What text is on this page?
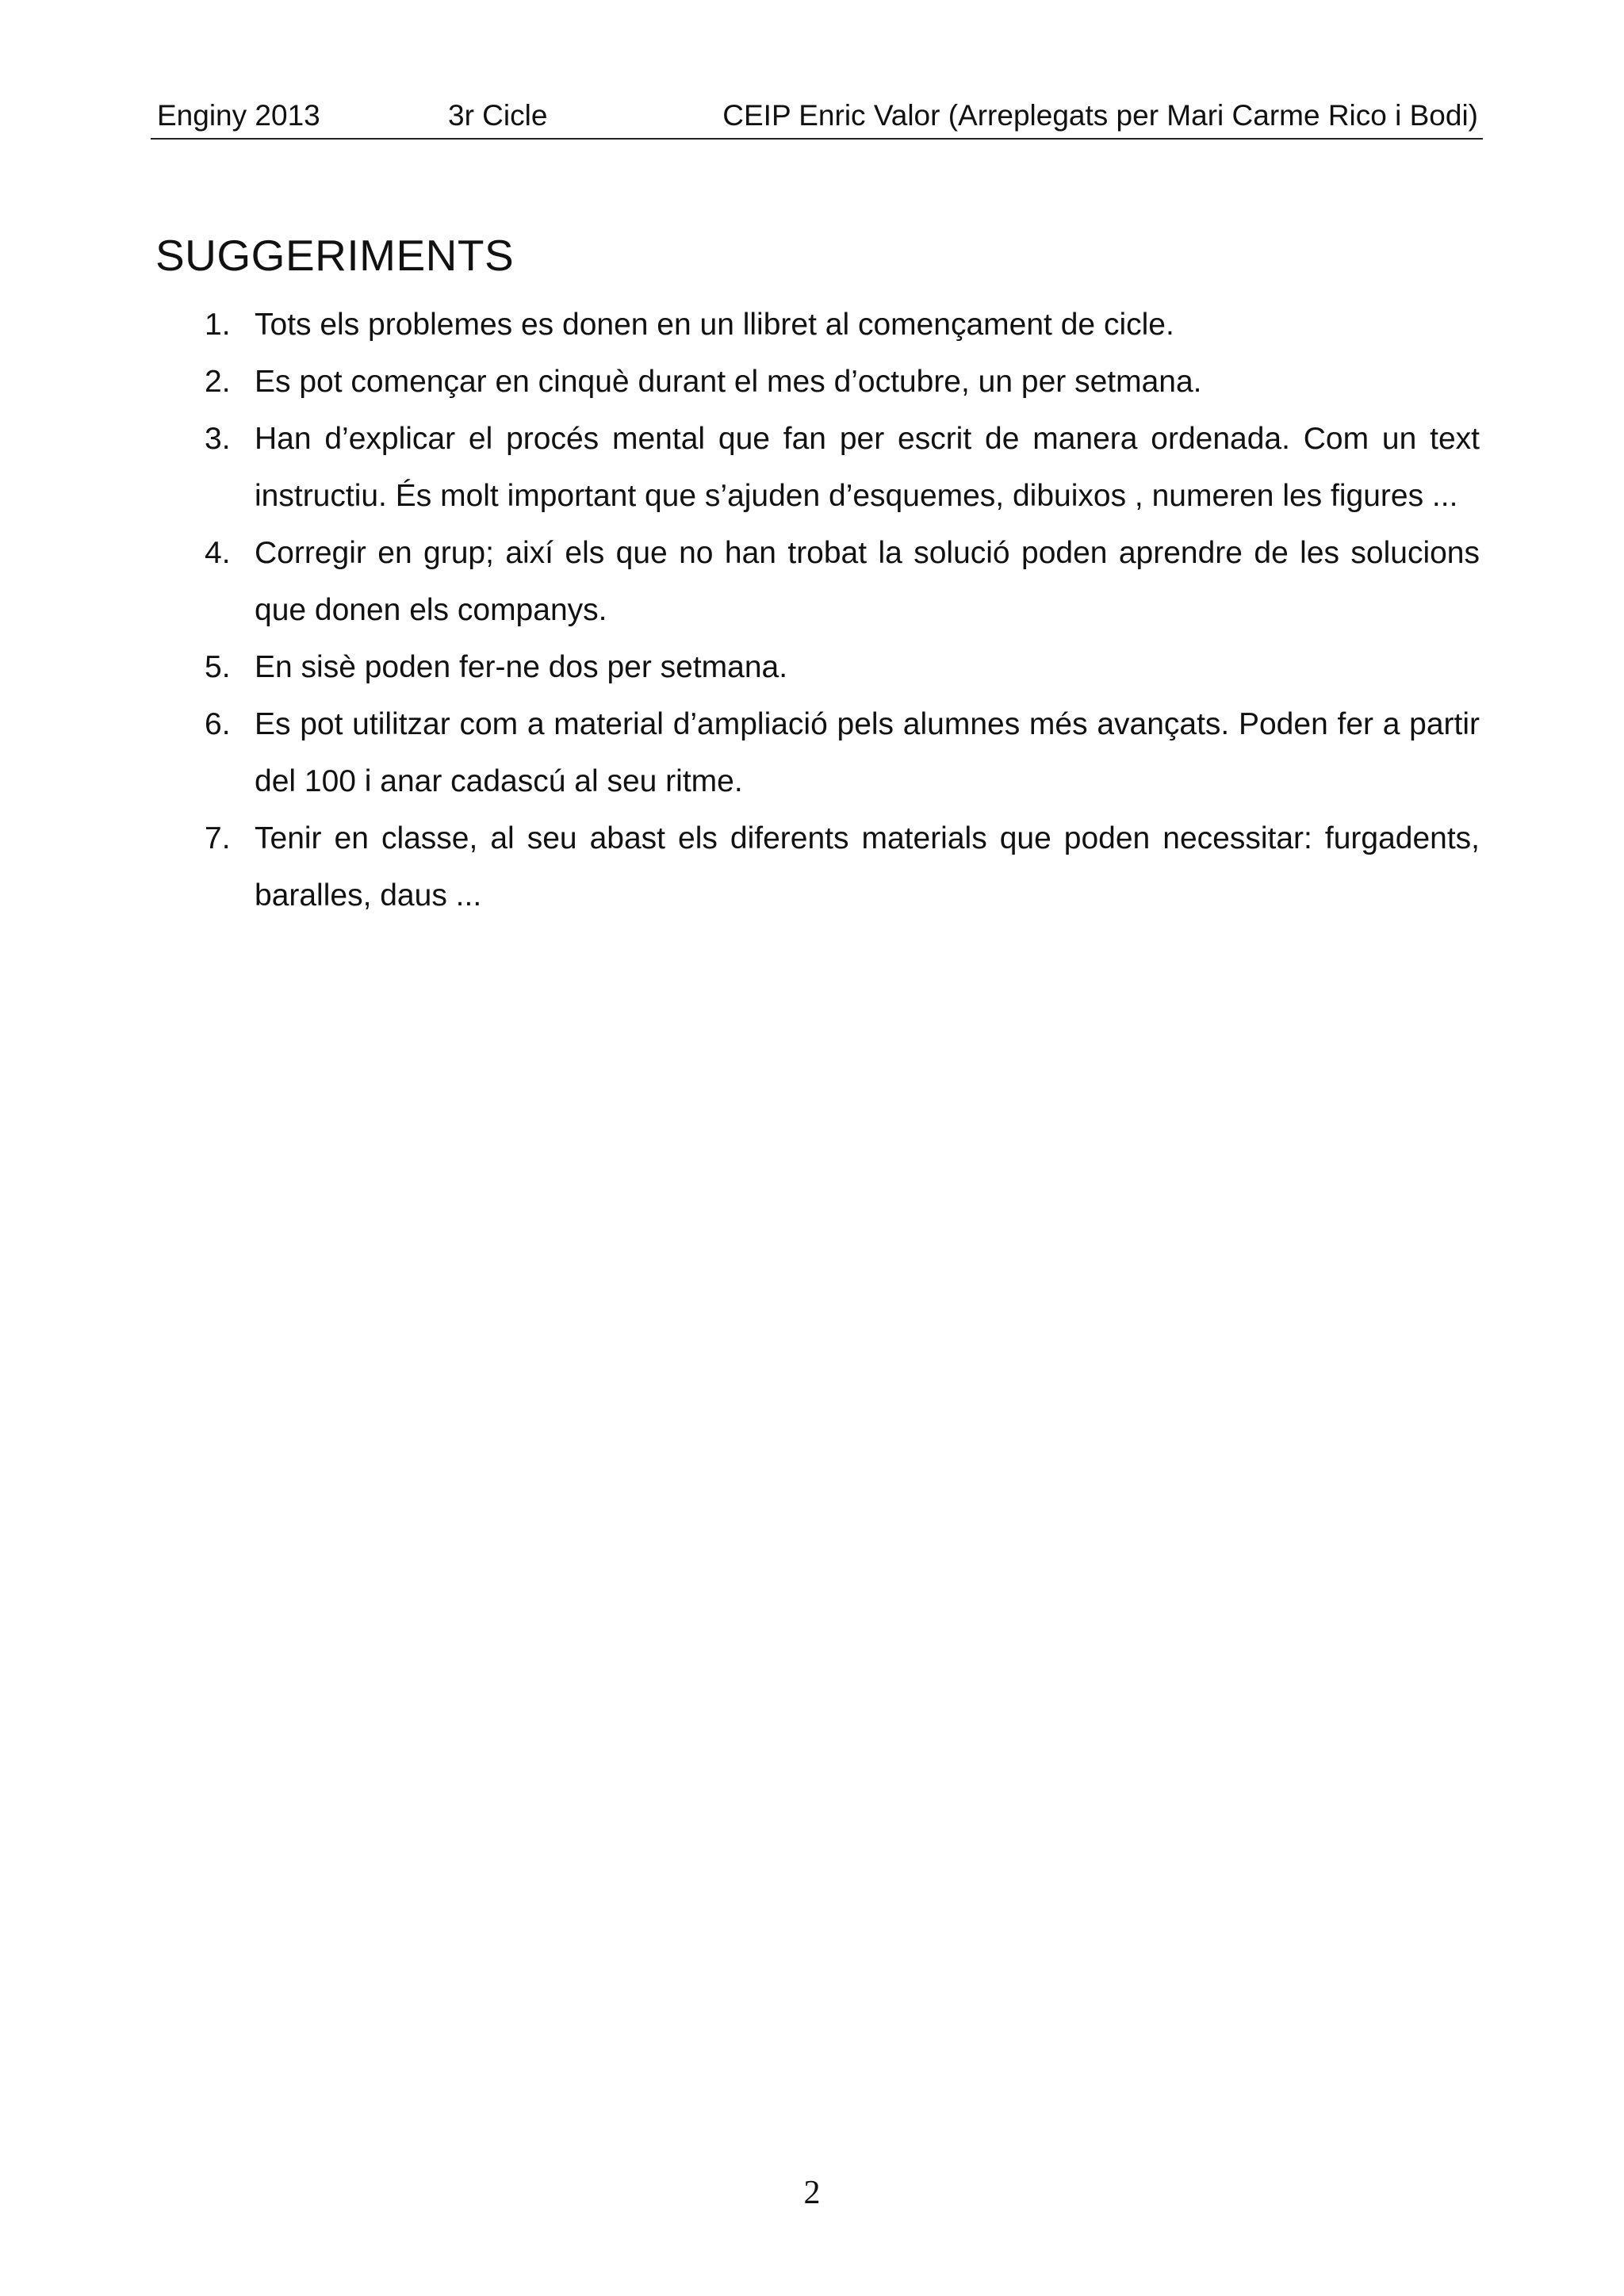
Enginy 2013	3r Cicle	CEIP Enric Valor (Arreplegats per Mari Carme Rico i Bodi)
SUGGERIMENTS
1. Tots els problemes es donen en un llibret al començament de cicle.
2. Es pot començar en cinquè durant el mes d’octubre, un per setmana.
3. Han d’explicar el procés mental que fan per escrit de manera ordenada. Com un text instructiu. És molt important que s’ajuden d’esquemes, dibuixos , numeren les figures ...
4. Corregir en grup; així els que no han trobat la solució poden aprendre de les solucions que donen els companys.
5. En sisè poden fer-ne dos per setmana.
6. Es pot utilitzar com a material d’ampliació pels alumnes més avançats. Poden fer a partir del 100 i anar cadascú al seu ritme.
7. Tenir en classe, al seu abast els diferents materials que poden necessitar: furgadents, baralles, daus ...
2
